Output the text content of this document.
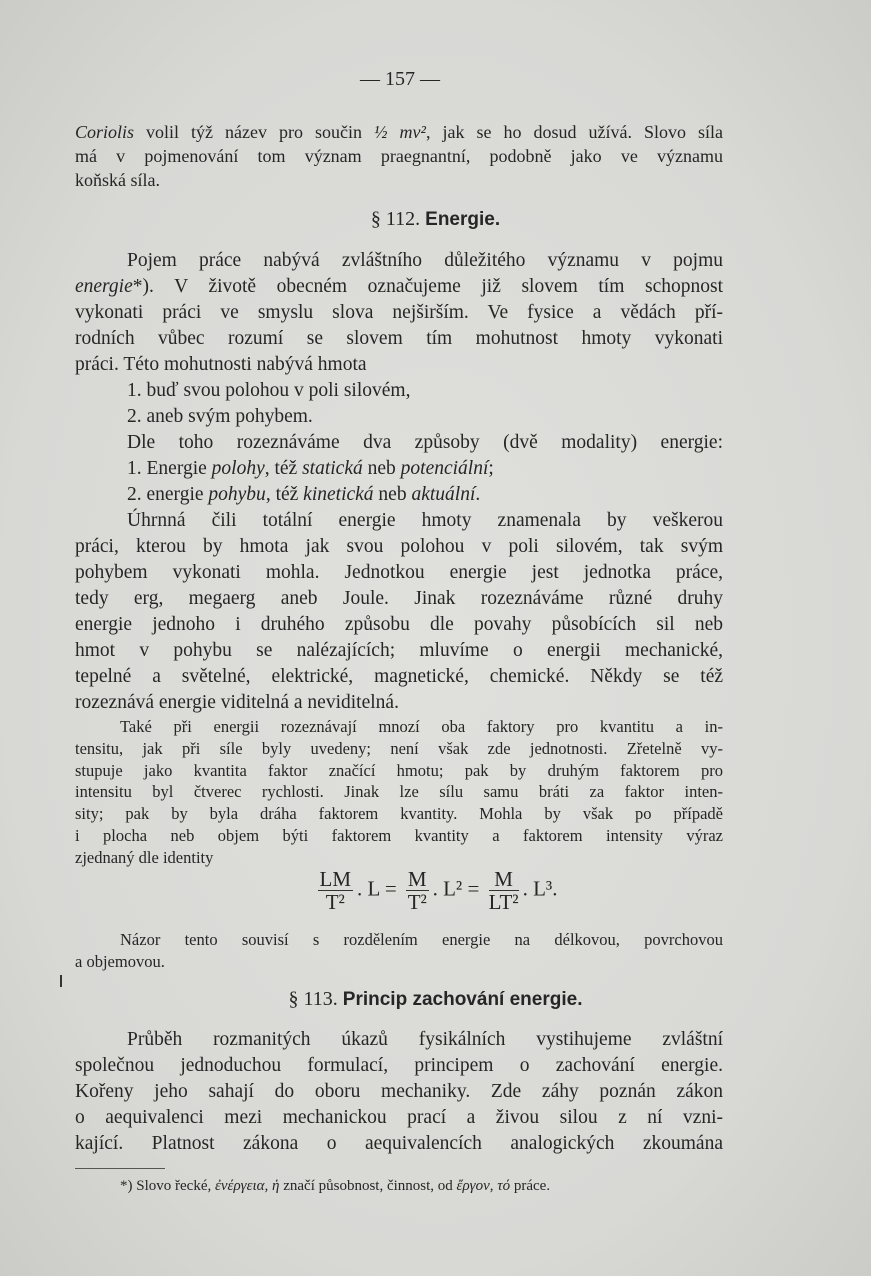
— 157 —
Coriolis volil týž název pro součin ½ mv², jak se ho dosud užívá. Slovo síla
má v pojmenování tom význam praegnantní, podobně jako ve významu
koňská síla.
§ 112. Energie.
Pojem práce nabývá zvláštního důležitého významu v pojmu
energie*). V životě obecném označujeme již slovem tím schopnost
vykonati práci ve smyslu slova nejširším. Ve fysice a vědách pří-
rodních vůbec rozumí se slovem tím mohutnost hmoty vykonati
práci. Této mohutnosti nabývá hmota
1. buď svou polohou v poli silovém,
2. aneb svým pohybem.
Dle toho rozeznáváme dva způsoby (dvě modality) energie:
1. Energie polohy, též statická neb potenciální;
2. energie pohybu, též kinetická neb aktuální.
Úhrnná čili totální energie hmoty znamenala by veškerou
práci, kterou by hmota jak svou polohou v poli silovém, tak svým
pohybem vykonati mohla. Jednotkou energie jest jednotka práce,
tedy erg, megaerg aneb Joule. Jinak rozeznáváme různé druhy
energie jednoho i druhého způsobu dle povahy působících sil neb
hmot v pohybu se nalézajících; mluvíme o energii mechanické,
tepelné a světelné, elektrické, magnetické, chemické. Někdy se též
rozeznává energie viditelná a neviditelná.
Také při energii rozeznávají mnozí oba faktory pro kvantitu a in-
tensitu, jak při síle byly uvedeny; není však zde jednotnosti. Zřetelně vy-
stupuje jako kvantita faktor značící hmotu; pak by druhým faktorem pro
intensitu byl čtverec rychlosti. Jinak lze sílu samu bráti za faktor inten-
sity; pak by byla dráha faktorem kvantity. Mohla by však po případě
i plocha neb objem býti faktorem kvantity a faktorem intensity výraz
zjednaný dle identity
$\frac{LM}{\text{T²}}$ . $L = \frac{M}{\text{T²}}$ . $L^2 = \frac{M}{\text{LT²}}$ . L³.
Názor tento souvisí s rozdělením energie na délkovou, povrchovou
a objemovou.
§ 113. Princip zachování energie.
Průběh rozmanitých úkazů fysikálních vystihujeme zvláštní
společnou jednoduchou formulací, principem o zachování energie.
Kořeny jeho sahají do oboru mechaniky. Zde záhy poznán zákon
o aequivalenci mezi mechanickou prací a živou silou z ní vzni-
kající. Platnost zákona o aequivalencích analogických zkoumána
*) Slovo řecké, ἐνέργεια, ἡ značí působnost, činnost, od ἔργον, τό práce.
